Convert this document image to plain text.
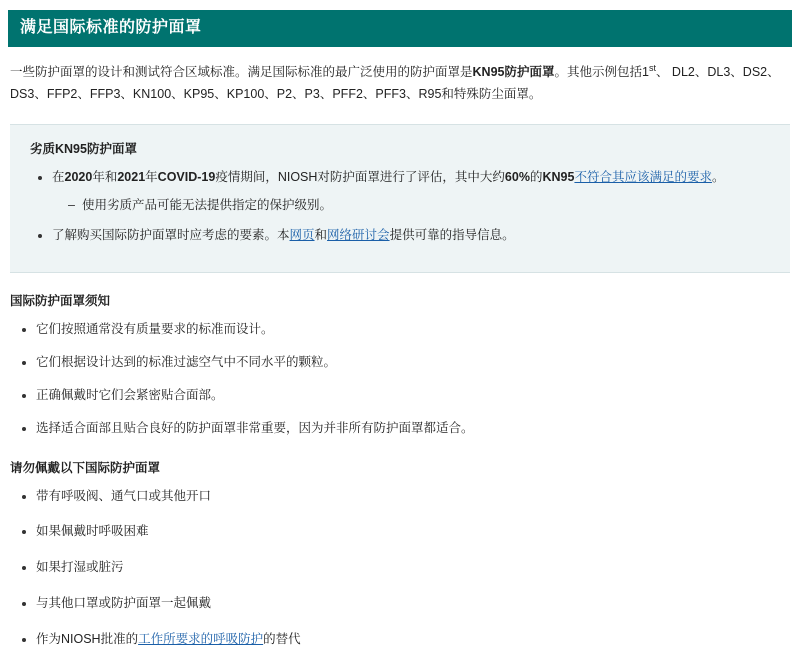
满足国际标准的防护面罩

一些防护面罩的设计和测试符合区域标准。满足国际标准的最广泛使用的防护面罩是KN95防护面罩。其他示例包括1st、 DL2、DL3、DS2、DS3、FFP2、FFP3、KN100、KP95、KP100、P2、P3、PFF2、PFF3、R95和特殊防尘面罩。

劣质KN95防护面罩
在2020年和2021年COVID-19疫情期间，NIOSH对防护面罩进行了评估，其中大约60%的KN95不符合其应该满足的要求。
– 使用劣质产品可能无法提供指定的保护级别。
了解购买国际防护面罩时应考虑的要素。本网页和网络研讨会提供可靠的指导信息。
国际防护面罩须知
它们按照通常没有质量要求的标准而设计。
它们根据设计达到的标准过滤空气中不同水平的颗粒。
正确佩戴时它们会紧密贴合面部。
选择适合面部且贴合良好的防护面罩非常重要，因为并非所有防护面罩都适合。
请勿佩戴以下国际防护面罩
带有呼吸阀、通气口或其他开口
如果佩戴时呼吸困难
如果打湿或脏污
与其他口罩或防护面罩一起佩戴
作为NIOSH批准的工作所要求的呼吸防护的替代
